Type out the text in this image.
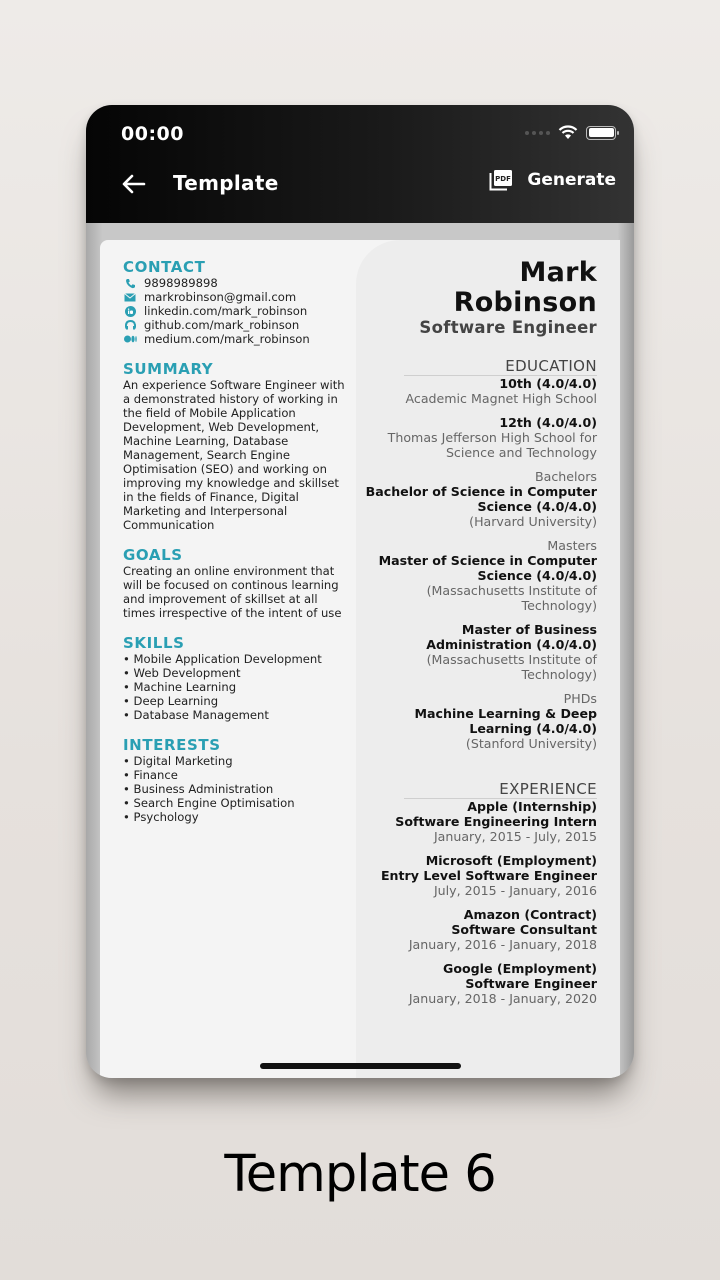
00:00
Template	PDF Generate
CONTACT
9898989898
markrobinson@gmail.com
linkedin.com/mark_robinson
github.com/mark_robinson
medium.com/mark_robinson
SUMMARY
An experience Software Engineer with a demonstrated history of working in the field of Mobile Application Development, Web Development, Machine Learning, Database Management, Search Engine Optimisation (SEO) and working on improving my knowledge and skillset in the fields of Finance, Digital Marketing and Interpersonal Communication
GOALS
Creating an online environment that will be focused on continous learning and improvement of skillset at all times irrespective of the intent of use
SKILLS
• Mobile Application Development
• Web Development
• Machine Learning
• Deep Learning
• Database Management
INTERESTS
• Digital Marketing
• Finance
• Business Administration
• Search Engine Optimisation
• Psychology
Mark
Robinson
Software Engineer
EDUCATION
10th (4.0/4.0)
Academic Magnet High School
12th (4.0/4.0)
Thomas Jefferson High School for Science and Technology
Bachelors
Bachelor of Science in Computer Science (4.0/4.0)
(Harvard University)
Masters
Master of Science in Computer Science (4.0/4.0)
(Massachusetts Institute of Technology)
Master of Business Administration (4.0/4.0)
(Massachusetts Institute of Technology)
PHDs
Machine Learning & Deep Learning (4.0/4.0)
(Stanford University)
EXPERIENCE
Apple (Internship)
Software Engineering Intern
January, 2015 - July, 2015
Microsoft (Employment)
Entry Level Software Engineer
July, 2015 - January, 2016
Amazon (Contract)
Software Consultant
January, 2016 - January, 2018
Google (Employment)
Software Engineer
January, 2018 - January, 2020
Template 6
